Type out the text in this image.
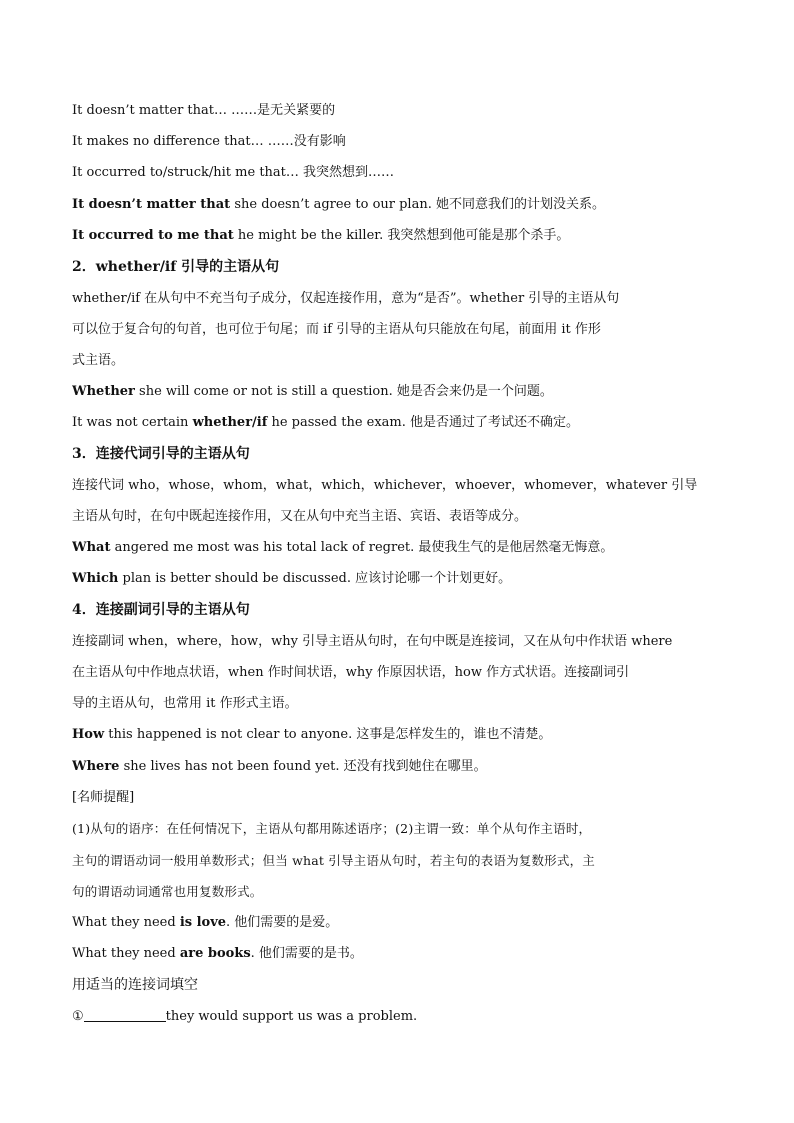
It doesn’t matter that… ……是无关紧要的
It makes no difference that… ……没有影响
It occurred to/struck/hit me that… 我突然想到……
It doesn’t matter that she doesn’t agree to our plan. 她不同意我们的计划没关系。
It occurred to me that he might be the killer. 我突然想到他可能是那个杀手。
2．whether/if 引导的主语从句
whether/if 在从句中不充当句子成分，仅起连接作用，意为“是否”。whether 引导的主语从句
可以位于复合句的句首，也可位于句尾；而 if 引导的主语从句只能放在句尾，前面用 it 作形
式主语。
Whether she will come or not is still a question. 她是否会来仍是一个问题。
It was not certain whether/if he passed the exam. 他是否通过了考试还不确定。
3．连接代词引导的主语从句
连接代词 who，whose，whom，what，which，whichever，whoever，whomever，whatever 引导
主语从句时，在句中既起连接作用，又在从句中充当主语、宾语、表语等成分。
What angered me most was his total lack of regret. 最使我生气的是他居然毫无悔意。
Which plan is better should be discussed. 应该讨论哪一个计划更好。
4．连接副词引导的主语从句
连接副词 when，where，how，why 引导主语从句时，在句中既是连接词，又在从句中作状语 where
在主语从句中作地点状语，when 作时间状语，why 作原因状语，how 作方式状语。连接副词引
导的主语从句，也常用 it 作形式主语。
How this happened is not clear to anyone. 这事是怎样发生的，谁也不清楚。
Where she lives has not been found yet. 还没有找到她住在哪里。
[名师提醒]
(1)从句的语序：在任何情况下，主语从句都用陈述语序；(2)主谓一致：单个从句作主语时，
主句的谓语动词一般用单数形式；但当 what 引导主语从句时，若主句的表语为复数形式，主
句的谓语动词通常也用复数形式。
What they need is love. 他们需要的是爱。
What they need are books. 他们需要的是书。
用适当的连接词填空
①	they would support us was a problem.
